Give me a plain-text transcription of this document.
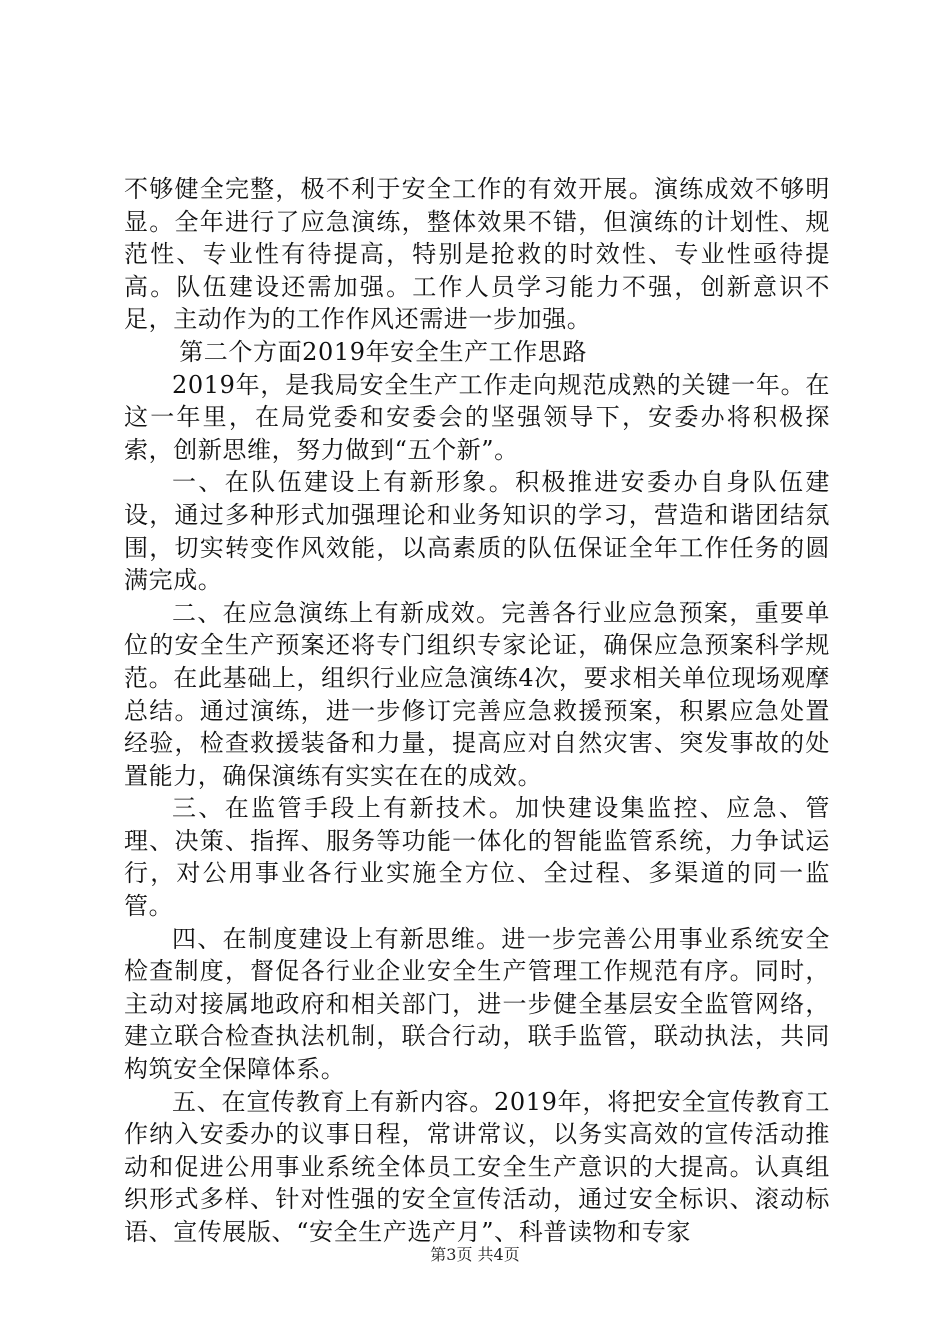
不够健全完整，极不利于安全工作的有效开展。演练成效不够明显。全年进行了应急演练，整体效果不错，但演练的计划性、规范性、专业性有待提高，特别是抢救的时效性、专业性亟待提高。队伍建设还需加强。工作人员学习能力不强，创新意识不足，主动作为的工作作风还需进一步加强。

第二个方面2019年安全生产工作思路

2019年，是我局安全生产工作走向规范成熟的关键一年。在这一年里，在局党委和安委会的坚强领导下，安委办将积极探索，创新思维，努力做到“五个新”。

一、在队伍建设上有新形象。积极推进安委办自身队伍建设，通过多种形式加强理论和业务知识的学习，营造和谐团结氛围，切实转变作风效能，以高素质的队伍保证全年工作任务的圆满完成。

二、在应急演练上有新成效。完善各行业应急预案，重要单位的安全生产预案还将专门组织专家论证，确保应急预案科学规范。在此基础上，组织行业应急演练4次，要求相关单位现场观摩总结。通过演练，进一步修订完善应急救援预案，积累应急处置经验，检查救援装备和力量，提高应对自然灾害、突发事故的处置能力，确保演练有实实在在的成效。

三、在监管手段上有新技术。加快建设集监控、应急、管理、决策、指挥、服务等功能一体化的智能监管系统，力争试运行，对公用事业各行业实施全方位、全过程、多渠道的同一监管。

四、在制度建设上有新思维。进一步完善公用事业系统安全检查制度，督促各行业企业安全生产管理工作规范有序。同时，主动对接属地政府和相关部门，进一步健全基层安全监管网络，建立联合检查执法机制，联合行动，联手监管，联动执法，共同构筑安全保障体系。

五、在宣传教育上有新内容。2019年，将把安全宣传教育工作纳入安委办的议事日程，常讲常议，以务实高效的宣传活动推动和促进公用事业系统全体员工安全生产意识的大提高。认真组织形式多样、针对性强的安全宣传活动，通过安全标识、滚动标语、宣传展版、“安全生产选产月”、科普读物和专家

第3页 共4页
